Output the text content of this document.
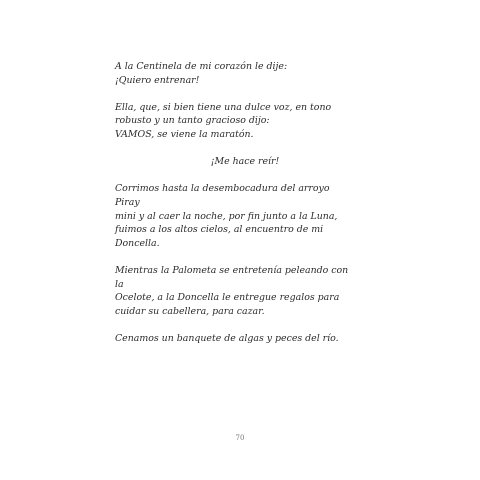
A la Centinela de mi corazón le dije:
¡Quiero entrenar!

Ella, que, si bien tiene una dulce voz, en tono
robusto y un tanto gracioso dijo:
VAMOS, se viene la maratón.

¡Me hace reír!

Corrimos hasta la desembocadura del arroyo Piray
mini y al caer la noche, por fin junto a la Luna,
fuimos a los altos cielos, al encuentro de mi
Doncella.

Mientras la Palometa se entretenía peleando con la
Ocelote, a la Doncella le entregue regalos para
cuidar su cabellera, para cazar.

Cenamos un banquete de algas y peces del río.

70
